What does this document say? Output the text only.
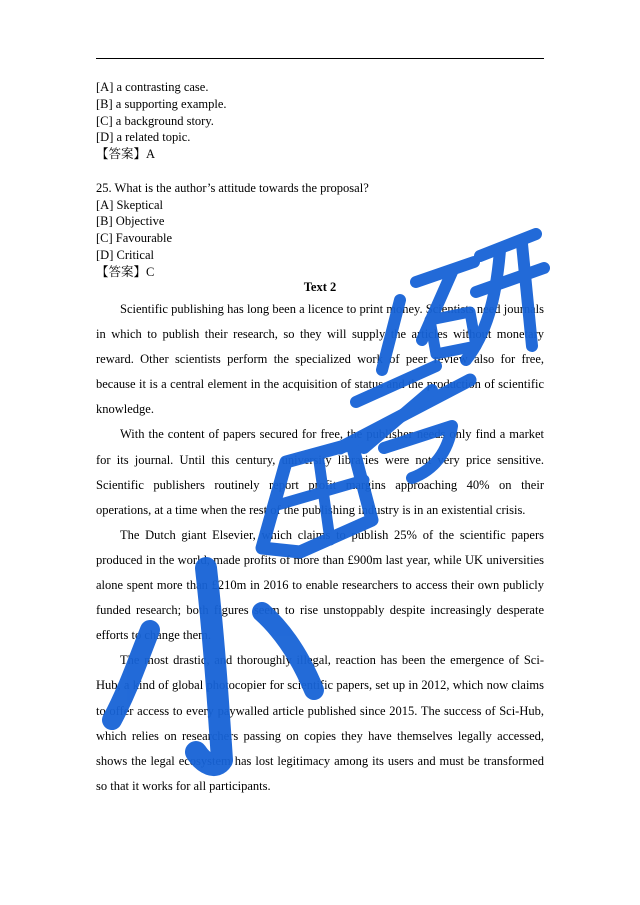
[A] a contrasting case.
[B] a supporting example.
[C] a background story.
[D] a related topic.
【答案】A
25. What is the author’s attitude towards the proposal?
[A] Skeptical
[B] Objective
[C] Favourable
[D] Critical
【答案】C
Text 2

Scientific publishing has long been a licence to print money. Scientists need journals in which to publish their research, so they will supply the articles without monetary reward. Other scientists perform the specialized work of peer review also for free, because it is a central element in the acquisition of status and the production of scientific knowledge.

With the content of papers secured for free, the publisher needs only find a market for its journal. Until this century, university libraries were not very price sensitive. Scientific publishers routinely report profit margins approaching 40% on their operations, at a time when the rest of the publishing industry is in an existential crisis.

The Dutch giant Elsevier, which claims to publish 25% of the scientific papers produced in the world, made profits of more than £900m last year, while UK universities alone spent more than £210m in 2016 to enable researchers to access their own publicly funded research; both figures seem to rise unstoppably despite increasingly desperate efforts to change them.

The most drastic, and thoroughly illegal, reaction has been the emergence of Sci-Hub, a kind of global photocopier for scientific papers, set up in 2012, which now claims to offer access to every paywalled article published since 2015. The success of Sci-Hub, which relies on researchers passing on copies they have themselves legally accessed, shows the legal ecosystem has lost legitimacy among its users and must be transformed so that it works for all participants.
